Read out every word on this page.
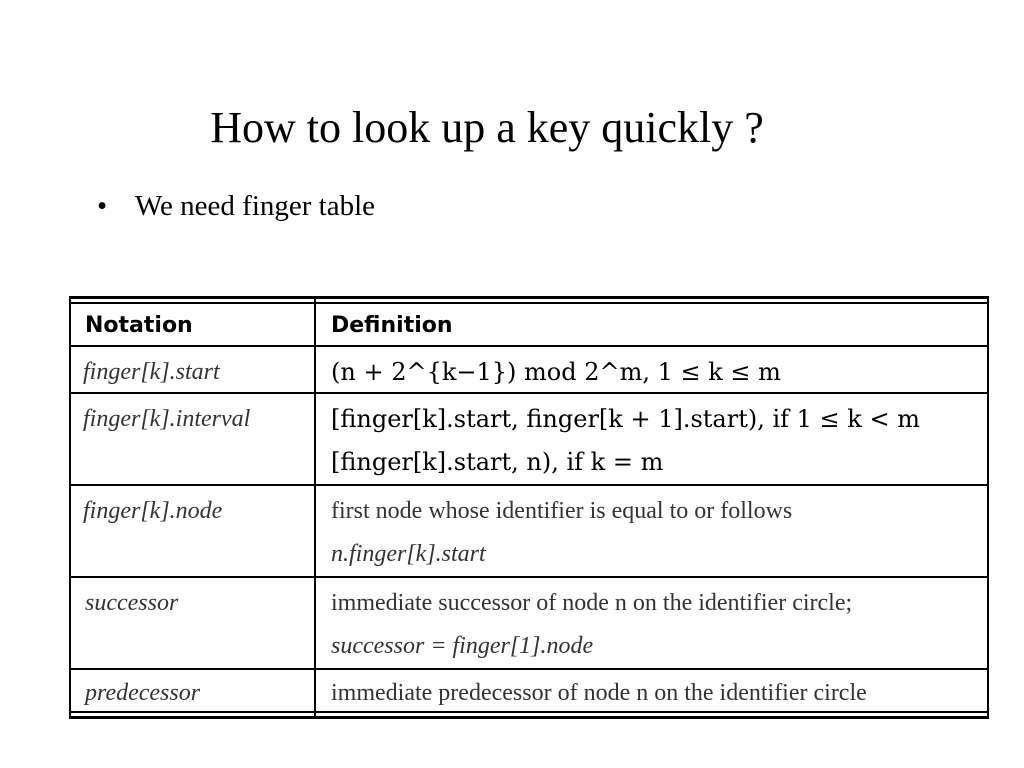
How to look up a key quickly ?
• We need finger table
Notation	Definition
finger[k].start	(n + 2^{k−1}) mod 2^m, 1 ≤ k ≤ m
finger[k].interval	[finger[k].start, finger[k + 1].start), if 1 ≤ k < m
[finger[k].start, n), if k = m
finger[k].node	first node whose identifier is equal to or follows
n.finger[k].start
successor	immediate successor of node n on the identifier circle;
successor = finger[1].node
predecessor	immediate predecessor of node n on the identifier circle
